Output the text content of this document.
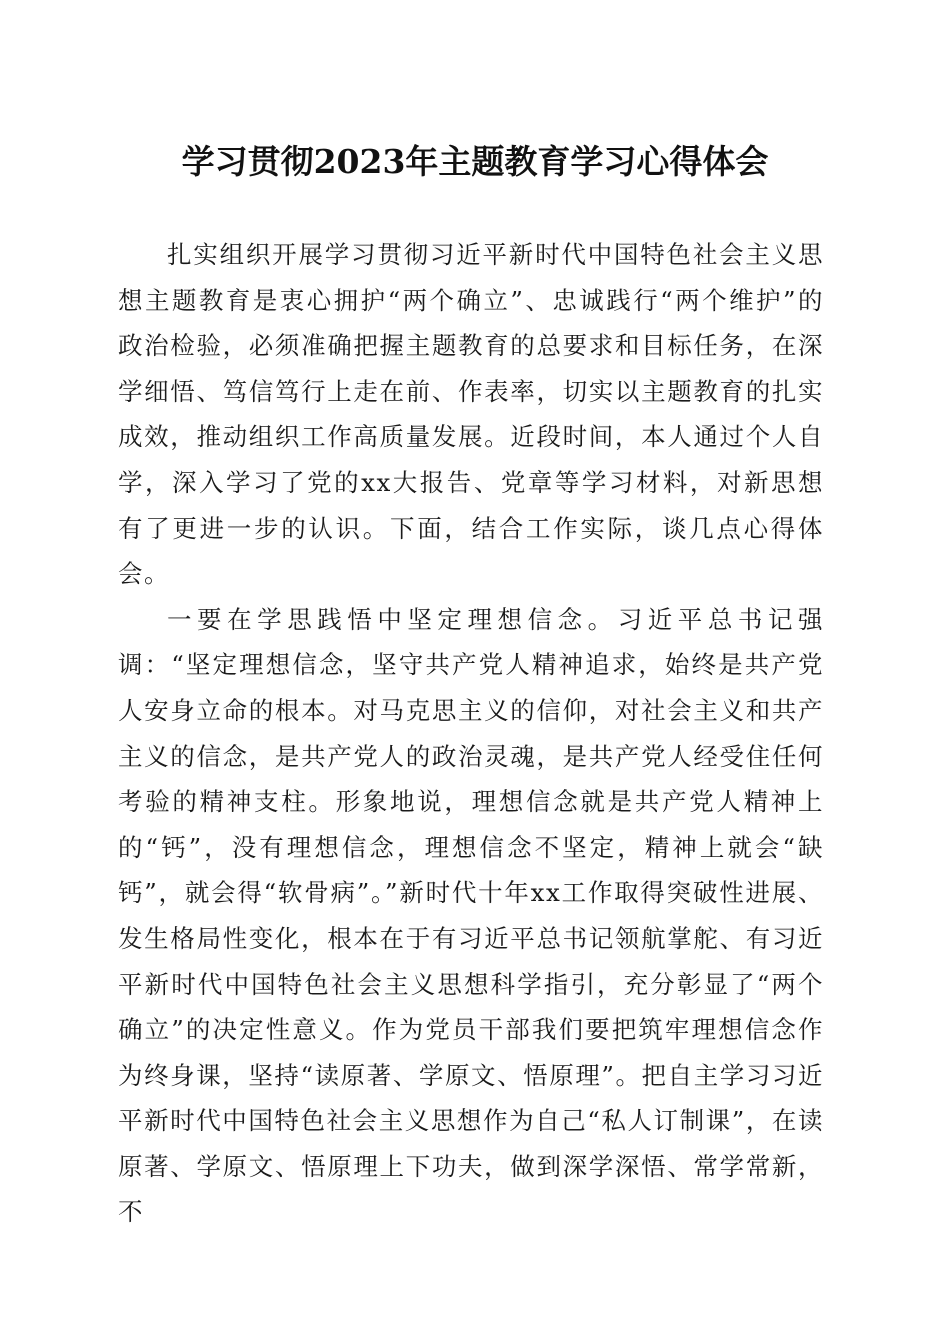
学习贯彻2023年主题教育学习心得体会

扎实组织开展学习贯彻习近平新时代中国特色社会主义思想主题教育是衷心拥护“两个确立”、忠诚践行“两个维护”的政治检验，必须准确把握主题教育的总要求和目标任务，在深学细悟、笃信笃行上走在前、作表率，切实以主题教育的扎实成效，推动组织工作高质量发展。近段时间，本人通过个人自学，深入学习了党的xx大报告、党章等学习材料，对新思想有了更进一步的认识。下面，结合工作实际，谈几点心得体会。

一要在学思践悟中坚定理想信念。习近平总书记强调：“坚定理想信念，坚守共产党人精神追求，始终是共产党人安身立命的根本。对马克思主义的信仰，对社会主义和共产主义的信念，是共产党人的政治灵魂，是共产党人经受住任何考验的精神支柱。形象地说，理想信念就是共产党人精神上的“钙”，没有理想信念，理想信念不坚定，精神上就会“缺钙”，就会得“软骨病”。”新时代十年xx工作取得突破性进展、发生格局性变化，根本在于有习近平总书记领航掌舵、有习近平新时代中国特色社会主义思想科学指引，充分彰显了“两个确立”的决定性意义。作为党员干部我们要把筑牢理想信念作为终身课，坚持“读原著、学原文、悟原理”。把自主学习习近平新时代中国特色社会主义思想作为自己“私人订制课”，在读原著、学原文、悟原理上下功夫，做到深学深悟、常学常新，不
